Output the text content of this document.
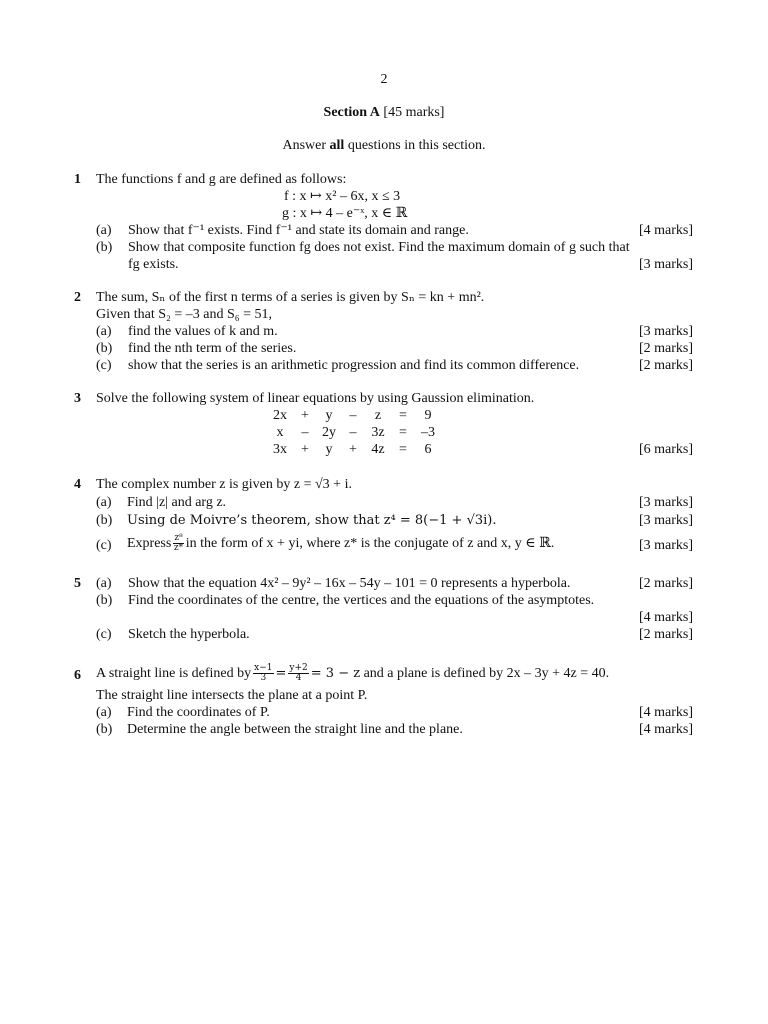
2
Section A [45 marks]
Answer all questions in this section.
1 The functions f and g are defined as follows:
f : x ↦ x² – 6x, x ≤ 3
g : x ↦ 4 – e⁻ˣ, x ∈ ℝ
(a) Show that f⁻¹ exists. Find f⁻¹ and state its domain and range.	[4 marks]
(b) Show that composite function fg does not exist. Find the maximum domain of g such that
fg exists.	[3 marks]
2 The sum, Sₙ of the first n terms of a series is given by Sₙ = kn + mn².
Given that S₂ = –3 and S₆ = 51,
(a) find the values of k and m.	[3 marks]
(b) find the nth term of the series.	[2 marks]
(c) show that the series is an arithmetic progression and find its common difference.	[2 marks]
3 Solve the following system of linear equations by using Gaussion elimination.
2x	+	y	–	z	=	9
x	–	2y	–	3z	=	–3
3x	+	y	+	4z	=	6	[6 marks]
4 The complex number z is given by z = √3 + i.
(a) Find |z| and arg z.	[3 marks]
(b) Using de Moivre’s theorem, show that z⁴ = 8(−1 + √3i).	[3 marks]
(c) Express $\frac{\text{z⁸}}{z*}$ in the form of x + yi, where z* is the conjugate of z and x, y ∈ ℝ.	[3 marks]
5 (a) Show that the equation 4x² – 9y² – 16x – 54y – 101 = 0 represents a hyperbola.	[2 marks]
(b) Find the coordinates of the centre, the vertices and the equations of the asymptotes.
[4 marks]
(c) Sketch the hyperbola.	[2 marks]
6 A straight line is defined by $\frac{x-1}{3} = \frac{y+2}{4} = 3 - z$ and a plane is defined by 2x – 3y + 4z = 40.
The straight line intersects the plane at a point P.
(a) Find the coordinates of P.	[4 marks]
(b) Determine the angle between the straight line and the plane.	[4 marks]
